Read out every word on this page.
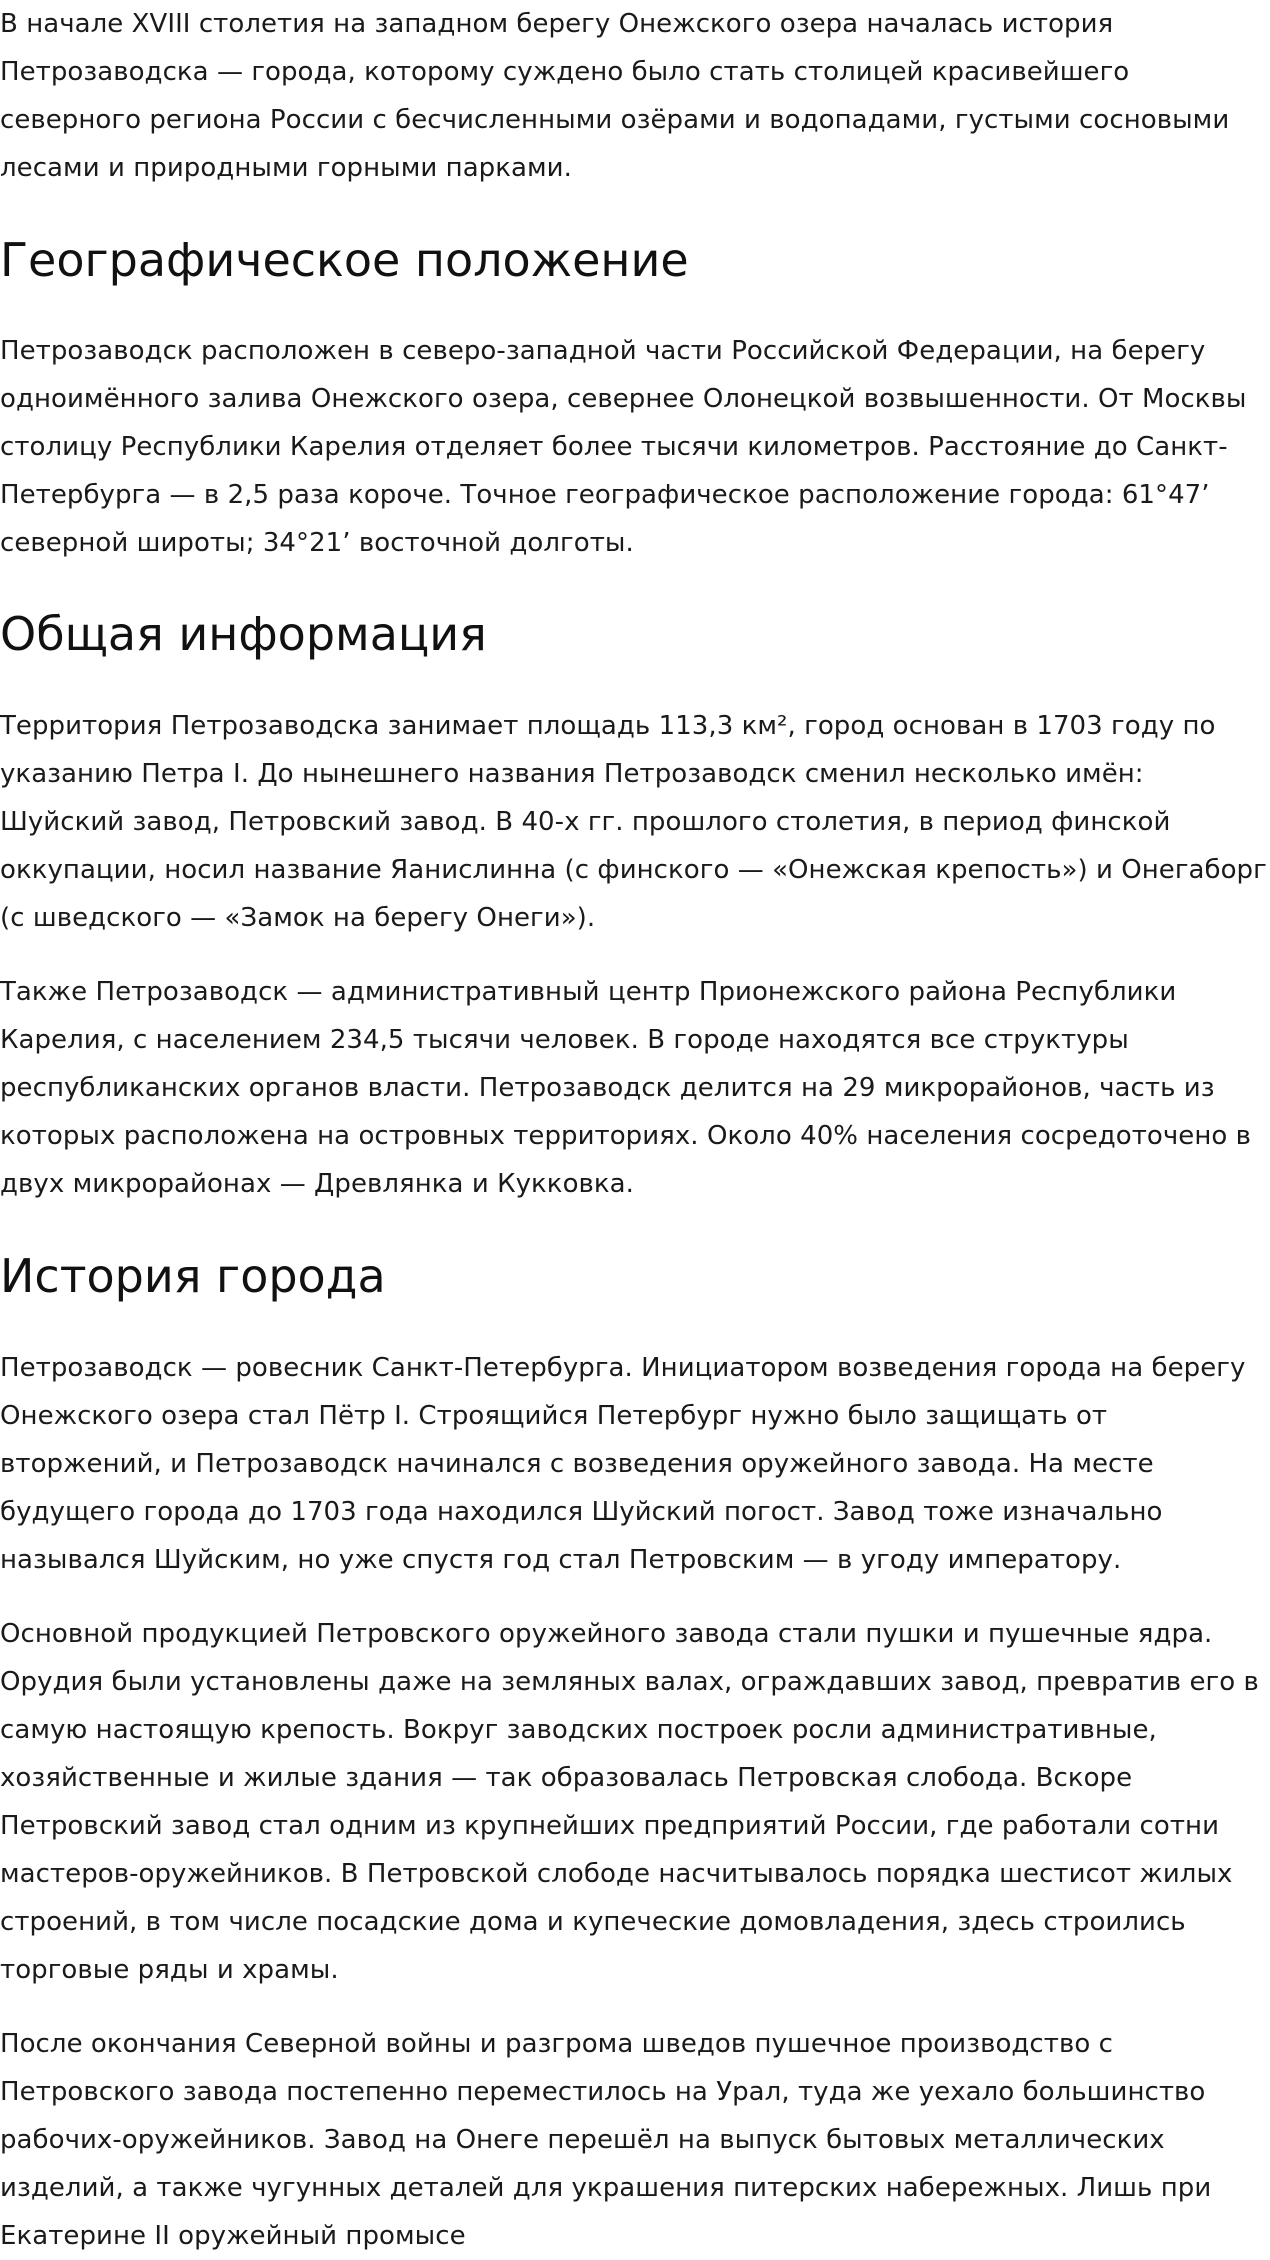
В начале XVIII столетия на западном берегу Онежского озера началась история
Петрозаводска — города, которому суждено было стать столицей красивейшего
северного региона России с бесчисленными озёрами и водопадами, густыми сосновыми
лесами и природными горными парками.

Географическое положение

Петрозаводск расположен в северо-западной части Российской Федерации, на берегу
одноимённого залива Онежского озера, севернее Олонецкой возвышенности. От Москвы
столицу Республики Карелия отделяет более тысячи километров. Расстояние до Санкт-
Петербурга — в 2,5 раза короче. Точное географическое расположение города: 61°47’
северной широты; 34°21’ восточной долготы.

Общая информация

Территория Петрозаводска занимает площадь 113,3 км², город основан в 1703 году по
указанию Петра I. До нынешнего названия Петрозаводск сменил несколько имён:
Шуйский завод, Петровский завод. В 40-х гг. прошлого столетия, в период финской
оккупации, носил название Яанислинна (с финского — «Онежская крепость») и Онегаборг
(с шведского — «Замок на берегу Онеги»).

Также Петрозаводск — административный центр Прионежского района Республики
Карелия, с населением 234,5 тысячи человек. В городе находятся все структуры
республиканских органов власти. Петрозаводск делится на 29 микрорайонов, часть из
которых расположена на островных территориях. Около 40% населения сосредоточено в
двух микрорайонах — Древлянка и Кукковка.

История города

Петрозаводск — ровесник Санкт-Петербурга. Инициатором возведения города на берегу
Онежского озера стал Пётр I. Строящийся Петербург нужно было защищать от
вторжений, и Петрозаводск начинался с возведения оружейного завода. На месте
будущего города до 1703 года находился Шуйский погост. Завод тоже изначально
назывался Шуйским, но уже спустя год стал Петровским — в угоду императору.

Основной продукцией Петровского оружейного завода стали пушки и пушечные ядра.
Орудия были установлены даже на земляных валах, ограждавших завод, превратив его в
самую настоящую крепость. Вокруг заводских построек росли административные,
хозяйственные и жилые здания — так образовалась Петровская слобода. Вскоре
Петровский завод стал одним из крупнейших предприятий России, где работали сотни
мастеров-оружейников. В Петровской слободе насчитывалось порядка шестисот жилых
строений, в том числе посадские дома и купеческие домовладения, здесь строились
торговые ряды и храмы.

После окончания Северной войны и разгрома шведов пушечное производство с
Петровского завода постепенно переместилось на Урал, туда же уехало большинство
рабочих-оружейников. Завод на Онеге перешёл на выпуск бытовых металлических
изделий, а также чугунных деталей для украшения питерских набережных. Лишь при
Екатерине II оружейный промысе
